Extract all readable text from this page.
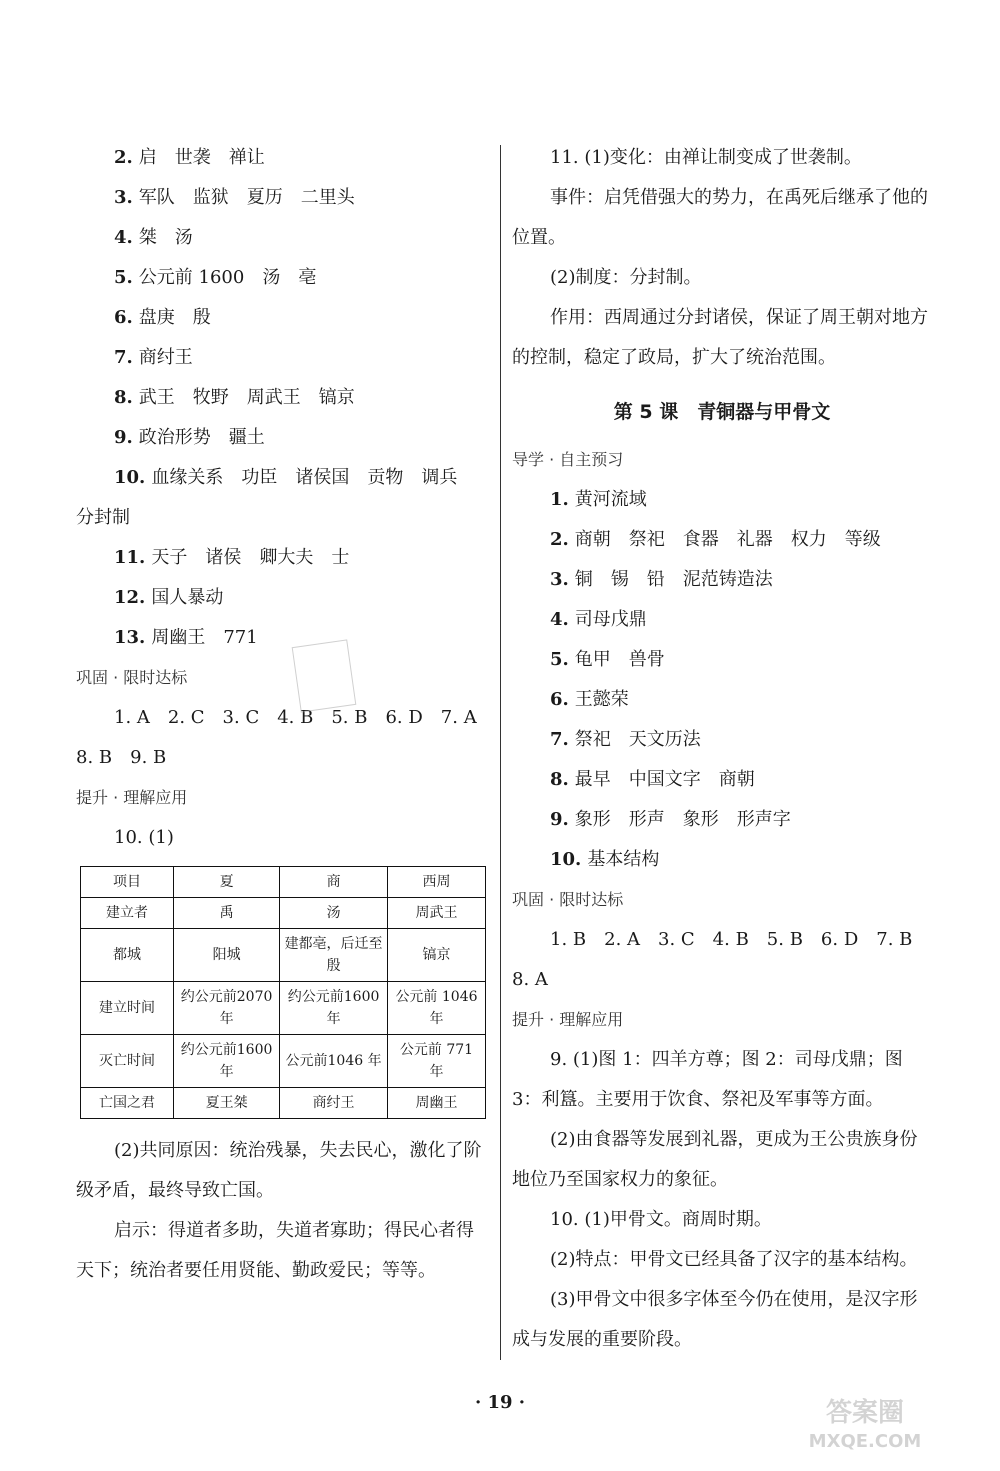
2. 启　世袭　禅让
3. 军队　监狱　夏历　二里头
4. 桀　汤
5. 公元前 1600　汤　亳
6. 盘庚　殷
7. 商纣王
8. 武王　牧野　周武王　镐京
9. 政治形势　疆土
10. 血缘关系　功臣　诸侯国　贡物　调兵
分封制
11. 天子　诸侯　卿大夫　士
12. 国人暴动
13. 周幽王　771
巩固 · 限时达标
1. A　2. C　3. C　4. B　5. B　6. D　7. A
8. B　9. B
提升 · 理解应用
10. (1)
项目	夏	商	西周
建立者	禹	汤	周武王
都城	阳城	建都亳，后迁至殷	镐京
建立时间	约公元前2070 年	约公元前1600 年	公元前 1046 年
灭亡时间	约公元前1600 年	公元前1046 年	公元前 771 年
亡国之君	夏王桀	商纣王	周幽王
(2)共同原因：统治残暴，失去民心，激化了阶级矛盾，最终导致亡国。
启示：得道者多助，失道者寡助；得民心者得天下；统治者要任用贤能、勤政爱民；等等。
11. (1)变化：由禅让制变成了世袭制。
事件：启凭借强大的势力，在禹死后继承了他的位置。
(2)制度：分封制。
作用：西周通过分封诸侯，保证了周王朝对地方的控制，稳定了政局，扩大了统治范围。
第 5 课　青铜器与甲骨文
导学 · 自主预习
1. 黄河流域
2. 商朝　祭祀　食器　礼器　权力　等级
3. 铜　锡　铅　泥范铸造法
4. 司母戊鼎
5. 龟甲　兽骨
6. 王懿荣
7. 祭祀　天文历法
8. 最早　中国文字　商朝
9. 象形　形声　象形　形声字
10. 基本结构
巩固 · 限时达标
1. B　2. A　3. C　4. B　5. B　6. D　7. B
8. A
提升 · 理解应用
9. (1)图 1：四羊方尊；图 2：司母戊鼎；图 3：利簋。主要用于饮食、祭祀及军事等方面。
(2)由食器等发展到礼器，更成为王公贵族身份地位乃至国家权力的象征。
10. (1)甲骨文。商周时期。
(2)特点：甲骨文已经具备了汉字的基本结构。
(3)甲骨文中很多字体至今仍在使用，是汉字形成与发展的重要阶段。
· 19 ·	答案圈
MXQE.COM
